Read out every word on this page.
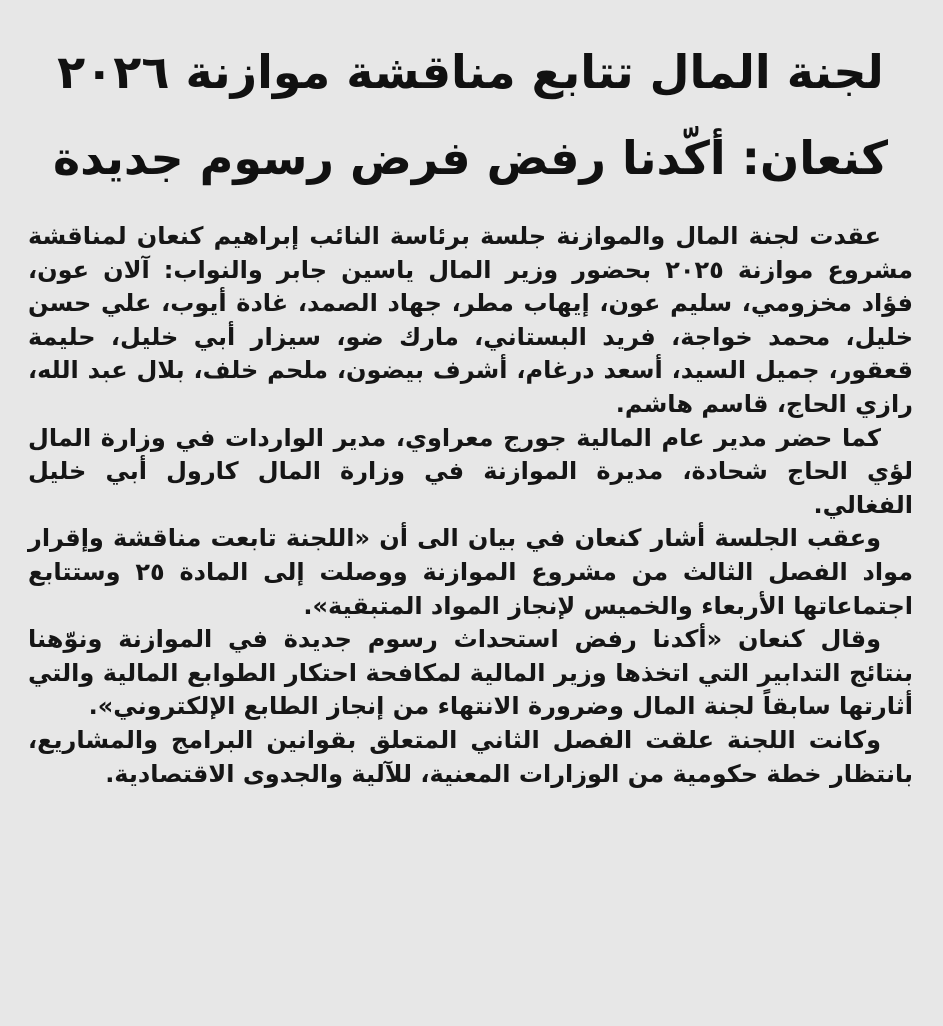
لجنة المال تتابع مناقشة موازنة ٢٠٢٦
كنعان: أكّدنا رفض فرض رسوم جديدة

عقدت لجنة المال والموازنة جلسة برئاسة النائب إبراهيم كنعان لمناقشة مشروع موازنة ٢٠٢٥ بحضور وزير المال ياسين جابر والنواب: آلان عون، فؤاد مخزومي، سليم عون، إيهاب مطر، جهاد الصمد، غادة أيوب، علي حسن خليل، محمد خواجة، فريد البستاني، مارك ضو، سيزار أبي خليل، حليمة قعقور، جميل السيد، أسعد درغام، أشرف بيضون، ملحم خلف، بلال عبد الله، رازي الحاج، قاسم هاشم.

كما حضر مدير عام المالية جورج معراوي، مدير الواردات في وزارة المال لؤي الحاج شحادة، مديرة الموازنة في وزارة المال كارول أبي خليل الفغالي.

وعقب الجلسة أشار كنعان في بيان الى أن «اللجنة تابعت مناقشة وإقرار مواد الفصل الثالث من مشروع الموازنة ووصلت إلى المادة ٢٥ وستتابع اجتماعاتها الأربعاء والخميس لإنجاز المواد المتبقية».

وقال كنعان «أكدنا رفض استحداث رسوم جديدة في الموازنة ونوّهنا بنتائج التدابير التي اتخذها وزير المالية لمكافحة احتكار الطوابع المالية والتي أثارتها سابقاً لجنة المال وضرورة الانتهاء من إنجاز الطابع الإلكتروني».

وكانت اللجنة علقت الفصل الثاني المتعلق بقوانين البرامج والمشاريع، بانتظار خطة حكومية من الوزارات المعنية، للآلية والجدوى الاقتصادية.
